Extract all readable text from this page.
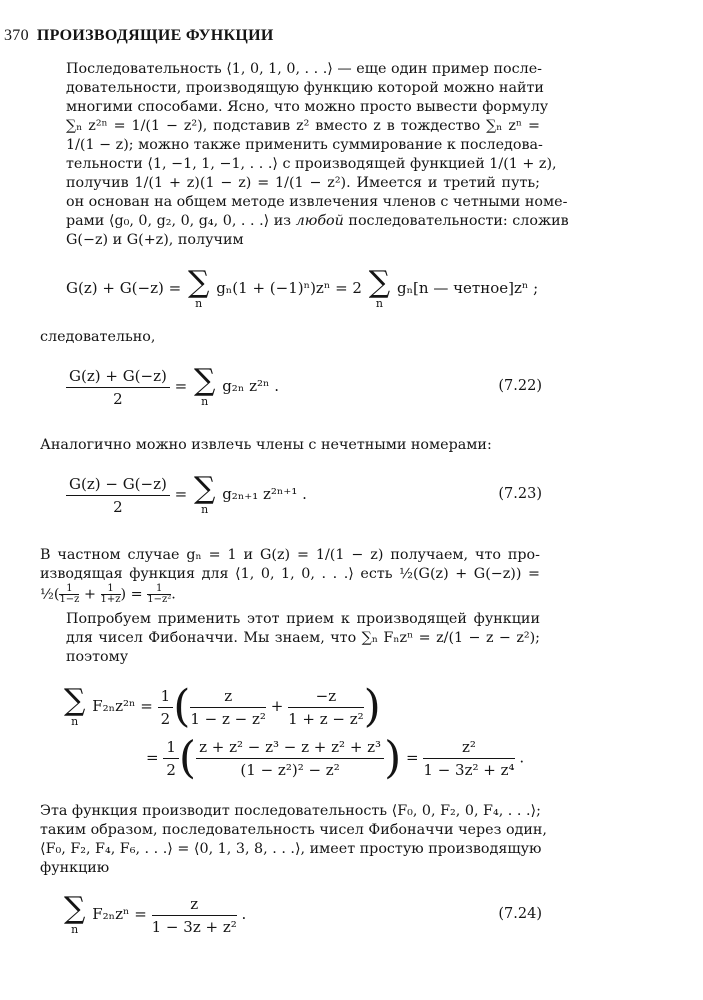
370 ПРОИЗВОДЯЩИЕ ФУНКЦИИ
Последовательность ⟨1, 0, 1, 0, . . .⟩ — еще один пример после-
довательности, производящую функцию которой можно найти
многими способами. Ясно, что можно просто вывести формулу
∑ₙ z²ⁿ = 1/(1 − z²), подставив z² вместо z в тождество ∑ₙ zⁿ =
1/(1 − z); можно также применить суммирование к последова-
тельности ⟨1, −1, 1, −1, . . .⟩ с производящей функцией 1/(1 + z),
получив 1/(1 + z)(1 − z) = 1/(1 − z²). Имеется и третий путь;
он основан на общем методе извлечения членов с четными номе-
рами ⟨g₀, 0, g₂, 0, g₄, 0, . . .⟩ из любой последовательности: сложив
G(−z) и G(+z), получим
G(z) + G(−z) = ∑
n
gₙ(1 + (−1)ⁿ)zⁿ = 2 ∑
n
gₙ[n — четное]zⁿ ;
следовательно,
$\frac{G(z) + G(-z)}{2}$ = ∑
n
g₂ₙ z²ⁿ .	(7.22)
Аналогично можно извлечь члены с нечетными номерами:
$\frac{G(z) - G(-z)}{2}$ = ∑
n
g₂ₙ₊₁ z²ⁿ⁺¹ .	(7.23)
В частном случае gₙ = 1 и G(z) = 1/(1 − z) получаем, что про-
изводящая функция для ⟨1, 0, 1, 0, . . .⟩ есть ½(G(z) + G(−z)) =
½( $\frac{1}{1-z} + \frac{1}{1+z}$ ) = $\frac{1}{\text{1−z²}}$ .
Попробуем применить этот прием к производящей функции
для чисел Фибоначчи. Мы знаем, что ∑ₙ Fₙzⁿ = z/(1 − z − z²);
поэтому
∑
n
$F_{2n}z^{2n} = \frac{1}{2}$ ( $\frac{z}{\text{1 − z − z²}} + \frac{-z}{\text{1 + z − z²}}$ )
= $\frac{1}{2}$ ( $\frac{\text{z + z² − z³ − z + z² + z³}}{\text{(1 − z²)² − z²}}$ ) = $\frac{\text{z²}}{\text{1 − 3z² + z⁴}}$ .
Эта функция производит последовательность ⟨F₀, 0, F₂, 0, F₄, . . .⟩;
таким образом, последовательность чисел Фибоначчи через один,
⟨F₀, F₂, F₄, F₆, . . .⟩ = ⟨0, 1, 3, 8, . . .⟩, имеет простую производящую
функцию
∑
n
$F_{2n}z^n = \frac{z}{\text{1 − 3z + z²}}$ .	(7.24)
